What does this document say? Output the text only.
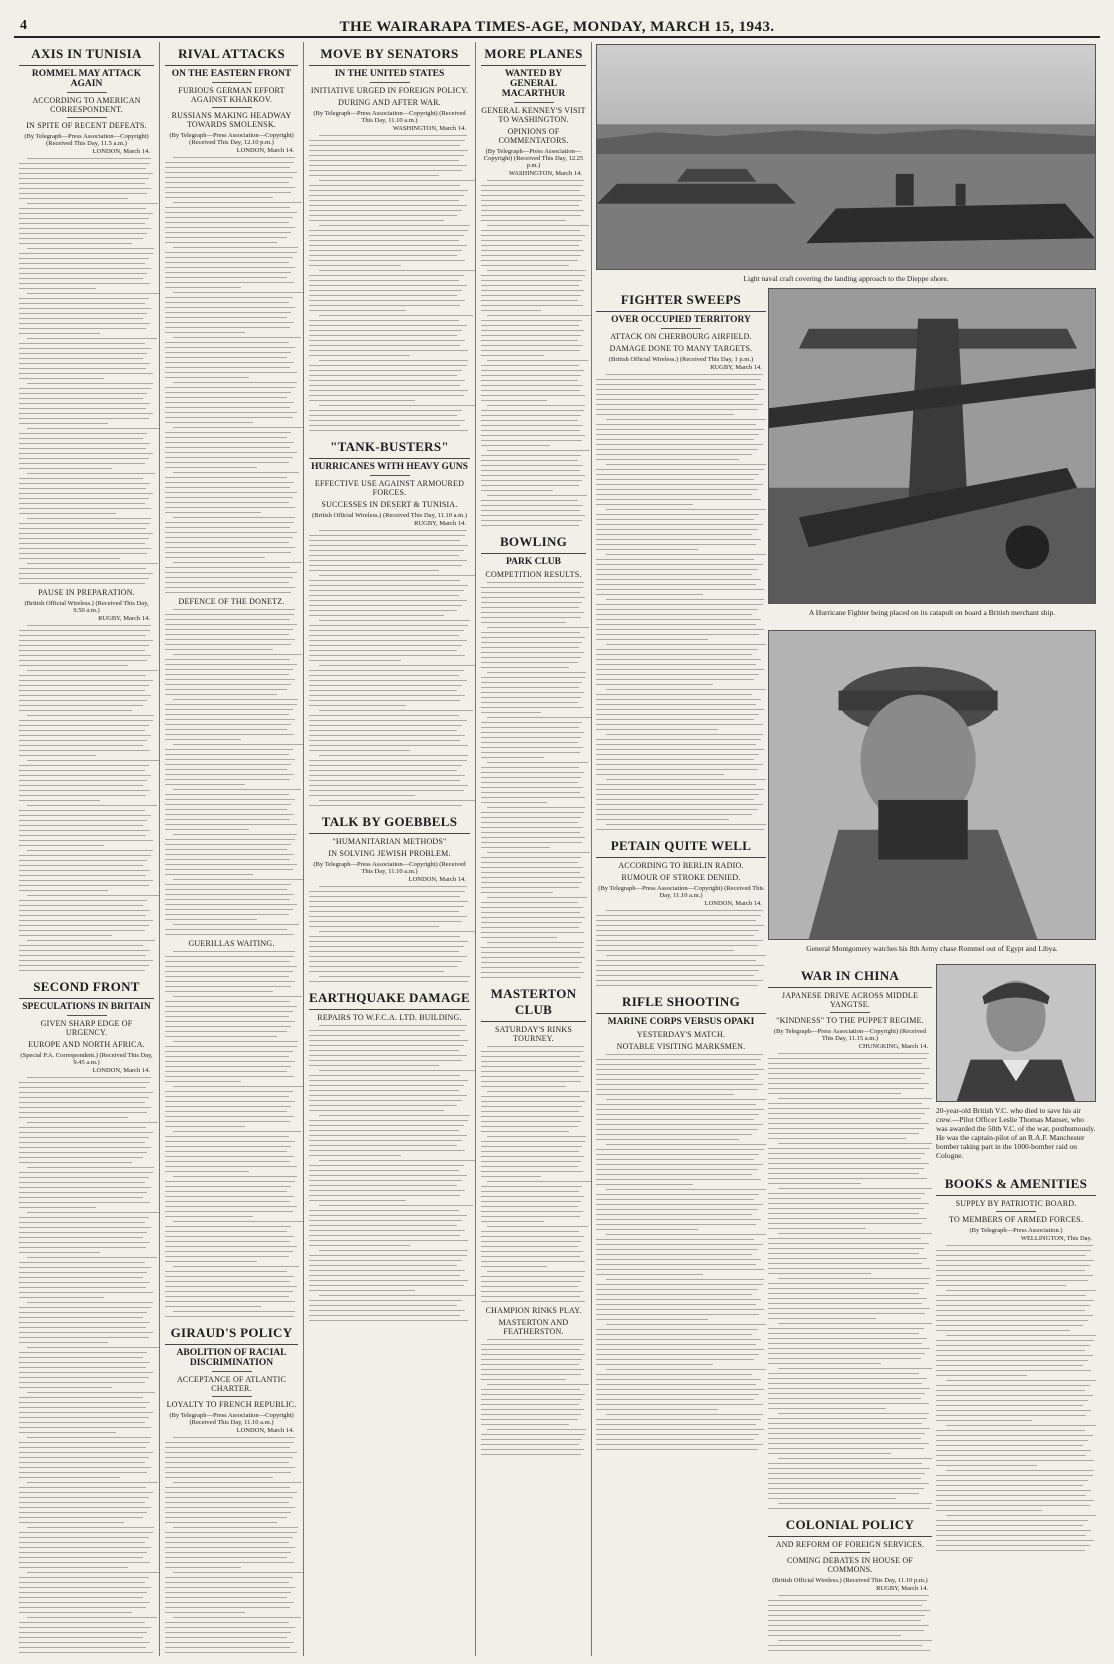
4	THE WAIRARAPA TIMES-AGE, MONDAY, MARCH 15, 1943.
AXIS IN TUNISIA
ROMMEL MAY ATTACK AGAIN
ACCORDING TO AMERICAN CORRESPONDENT.
IN SPITE OF RECENT DEFEATS.
(By Telegraph—Press Association—Copyright) (Received This Day, 11.5 a.m.)
LONDON, March 14.
PAUSE IN PREPARATION.
(British Official Wireless.) (Received This Day, 9.50 a.m.)
RUGBY, March 14.
SECOND FRONT
SPECULATIONS IN BRITAIN
GIVEN SHARP EDGE OF URGENCY.
EUROPE AND NORTH AFRICA.
(Special P.A. Correspondent.) (Received This Day, 9.45 a.m.)
LONDON, March 14.
RIVAL ATTACKS
ON THE EASTERN FRONT
FURIOUS GERMAN EFFORT AGAINST KHARKOV.
RUSSIANS MAKING HEADWAY TOWARDS SMOLENSK.
(By Telegraph—Press Association—Copyright) (Received This Day, 12.10 p.m.)
LONDON, March 14.
DEFENCE OF THE DONETZ.
GUERILLAS WAITING.
GIRAUD'S POLICY
ABOLITION OF RACIAL DISCRIMINATION
ACCEPTANCE OF ATLANTIC CHARTER.
LOYALTY TO FRENCH REPUBLIC.
(By Telegraph—Press Association—Copyright) (Received This Day, 11.10 a.m.)
LONDON, March 14.
MOVE BY SENATORS
IN THE UNITED STATES
INITIATIVE URGED IN FOREIGN POLICY.
DURING AND AFTER WAR.
(By Telegraph—Press Association—Copyright) (Received This Day, 11.10 a.m.)
WASHINGTON, March 14.
"TANK-BUSTERS"
HURRICANES WITH HEAVY GUNS
EFFECTIVE USE AGAINST ARMOURED FORCES.
SUCCESSES IN DESERT & TUNISIA.
(British Official Wireless.) (Received This Day, 11.10 a.m.)
RUGBY, March 14.
TALK BY GOEBBELS
"HUMANITARIAN METHODS"
IN SOLVING JEWISH PROBLEM.
(By Telegraph—Press Association—Copyright) (Received This Day, 11.10 a.m.)
LONDON, March 14.
EARTHQUAKE DAMAGE
REPAIRS TO W.F.C.A. LTD. BUILDING.
MORE PLANES
WANTED BY GENERAL MACARTHUR
GENERAL KENNEY'S VISIT TO WASHINGTON.
OPINIONS OF COMMENTATORS.
(By Telegraph—Press Association—Copyright) (Received This Day, 12.25 p.m.)
WASHINGTON, March 14.
BOWLING
PARK CLUB
COMPETITION RESULTS.
MASTERTON CLUB
SATURDAY'S RINKS TOURNEY.
CHAMPION RINKS PLAY.
MASTERTON AND FEATHERSTON.
Light naval craft covering the landing approach to the Dieppe shore.
FIGHTER SWEEPS
OVER OCCUPIED TERRITORY
ATTACK ON CHERBOURG AIRFIELD.
DAMAGE DONE TO MANY TARGETS.
(British Official Wireless.) (Received This Day, 1 p.m.)
RUGBY, March 14.
PETAIN QUITE WELL
ACCORDING TO BERLIN RADIO.
RUMOUR OF STROKE DENIED.
(By Telegraph—Press Association—Copyright) (Received This Day, 11.10 a.m.)
LONDON, March 14.
RIFLE SHOOTING
MARINE CORPS VERSUS OPAKI
YESTERDAY'S MATCH.
NOTABLE VISITING MARKSMEN.
A Hurricane Fighter being placed on its catapult on board a British merchant ship.
General Montgomery watches his 8th Army chase Rommel out of Egypt and Libya.
WAR IN CHINA
JAPANESE DRIVE ACROSS MIDDLE YANGTSE.
"KINDNESS" TO THE PUPPET REGIME.
(By Telegraph—Press Association—Copyright) (Received This Day, 11.15 a.m.)
CHUNGKING, March 14.
COLONIAL POLICY
AND REFORM OF FOREIGN SERVICES.
COMING DEBATES IN HOUSE OF COMMONS.
(British Official Wireless.) (Received This Day, 11.10 p.m.)
RUGBY, March 14.
20-year-old British V.C. who died to save his air crew.—Pilot Officer Leslie Thomas Manser, who was awarded the 50th V.C. of the war, posthumously. He was the captain-pilot of an R.A.F. Manchester bomber taking part in the 1000-bomber raid on Cologne.
BOOKS & AMENITIES
SUPPLY BY PATRIOTIC BOARD.
TO MEMBERS OF ARMED FORCES.
(By Telegraph—Press Association.)
WELLINGTON, This Day.
